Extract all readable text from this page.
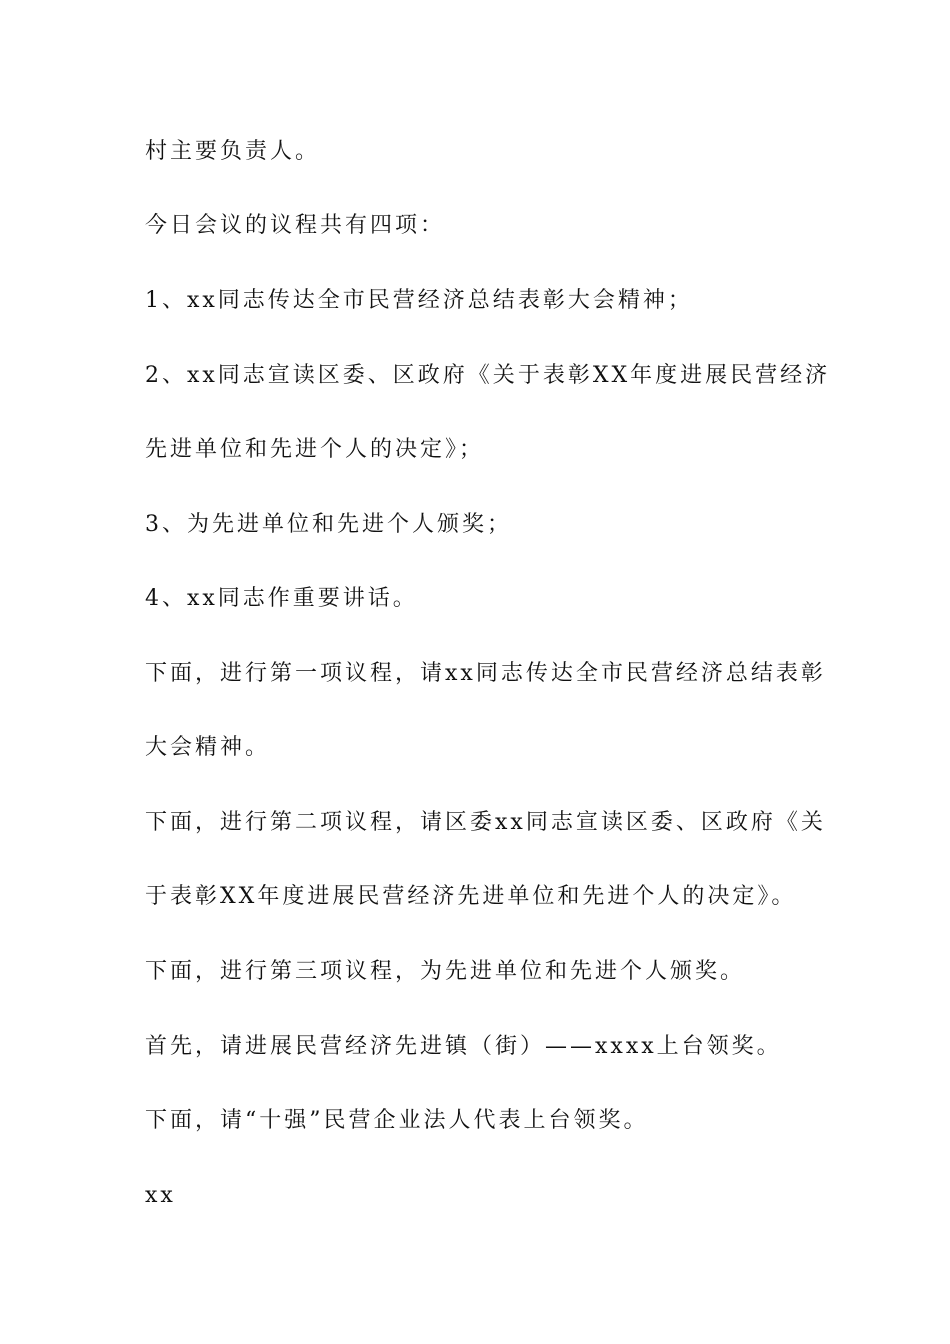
村主要负责人。
今日会议的议程共有四项：
1、xx同志传达全市民营经济总结表彰大会精神；
2、xx同志宣读区委、区政府《关于表彰XX年度进展民营经济
先进单位和先进个人的决定》；
3、为先进单位和先进个人颁奖；
4、xx同志作重要讲话。
下面，进行第一项议程，请xx同志传达全市民营经济总结表彰
大会精神。
下面，进行第二项议程，请区委xx同志宣读区委、区政府《关
于表彰XX年度进展民营经济先进单位和先进个人的决定》。
下面，进行第三项议程，为先进单位和先进个人颁奖。
首先，请进展民营经济先进镇（街）——xxxx上台领奖。
下面，请“十强”民营企业法人代表上台领奖。
xx
